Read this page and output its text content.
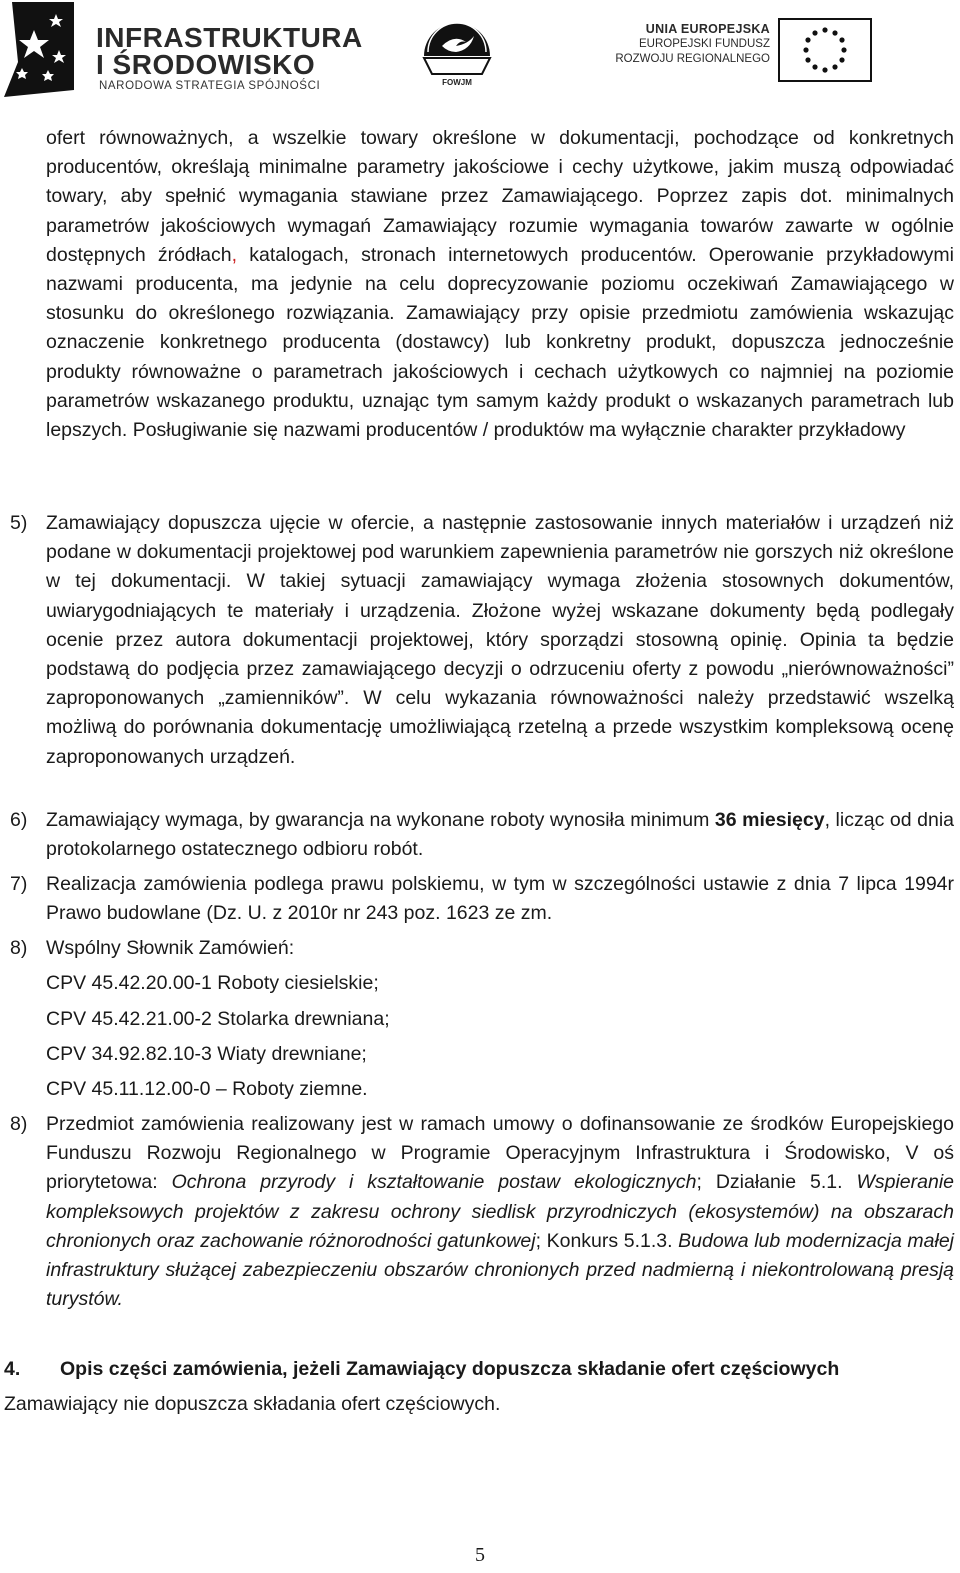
INFRASTRUKTURA
I ŚRODOWISKO
NARODOWA STRATEGIA SPÓJNOŚCI	FOWJM
UNIA EUROPEJSKA
EUROPEJSKI FUNDUSZ
ROZWOJU REGIONALNEGO
ofert równoważnych, a wszelkie towary określone w dokumentacji, pochodzące od konkretnych producentów, określają minimalne parametry jakościowe i cechy użytkowe, jakim muszą odpowiadać towary, aby spełnić wymagania stawiane przez Zamawiającego. Poprzez zapis dot. minimalnych parametrów jakościowych wymagań Zamawiający rozumie wymagania towarów zawarte w ogólnie dostępnych źródłach, katalogach, stronach internetowych producentów. Operowanie przykładowymi nazwami producenta, ma jedynie na celu doprecyzowanie poziomu oczekiwań Zamawiającego w stosunku do określonego rozwiązania. Zamawiający przy opisie przedmiotu zamówienia wskazując oznaczenie konkretnego producenta (dostawcy) lub konkretny produkt, dopuszcza jednocześnie produkty równoważne o parametrach jakościowych i cechach użytkowych co najmniej na poziomie parametrów wskazanego produktu, uznając tym samym każdy produkt o wskazanych parametrach lub lepszych. Posługiwanie się nazwami producentów / produktów ma wyłącznie charakter przykładowy
5) Zamawiający dopuszcza ujęcie w ofercie, a następnie zastosowanie innych materiałów i urządzeń niż podane w dokumentacji projektowej pod warunkiem zapewnienia parametrów nie gorszych niż określone w tej dokumentacji. W takiej sytuacji zamawiający wymaga złożenia stosownych dokumentów, uwiarygodniających te materiały i urządzenia. Złożone wyżej wskazane dokumenty będą podlegały ocenie przez autora dokumentacji projektowej, który sporządzi stosowną opinię. Opinia ta będzie podstawą do podjęcia przez zamawiającego decyzji o odrzuceniu oferty z powodu „nierównoważności” zaproponowanych „zamienników”. W celu wykazania równoważności należy przedstawić wszelką możliwą do porównania dokumentację umożliwiającą rzetelną a przede wszystkim kompleksową ocenę zaproponowanych urządzeń.
6) Zamawiający wymaga, by gwarancja na wykonane roboty wynosiła minimum 36 miesięcy, licząc od dnia protokolarnego ostatecznego odbioru robót.
7) Realizacja zamówienia podlega prawu polskiemu, w tym w szczególności ustawie z dnia 7 lipca 1994r Prawo budowlane (Dz. U. z 2010r nr 243 poz. 1623 ze zm.
8) Wspólny Słownik Zamówień:
CPV 45.42.20.00-1 Roboty ciesielskie;
CPV 45.42.21.00-2 Stolarka drewniana;
CPV 34.92.82.10-3 Wiaty drewniane;
CPV 45.11.12.00-0 – Roboty ziemne.
8) Przedmiot zamówienia realizowany jest w ramach umowy o dofinansowanie ze środków Europejskiego Funduszu Rozwoju Regionalnego w Programie Operacyjnym Infrastruktura i Środowisko, V oś priorytetowa: Ochrona przyrody i kształtowanie postaw ekologicznych; Działanie 5.1. Wspieranie kompleksowych projektów z zakresu ochrony siedlisk przyrodniczych (ekosystemów) na obszarach chronionych oraz zachowanie różnorodności gatunkowej; Konkurs 5.1.3. Budowa lub modernizacja małej infrastruktury służącej zabezpieczeniu obszarów chronionych przed nadmierną i niekontrolowaną presją turystów.
4. Opis części zamówienia, jeżeli Zamawiający dopuszcza składanie ofert częściowych
Zamawiający nie dopuszcza składania ofert częściowych.
5
